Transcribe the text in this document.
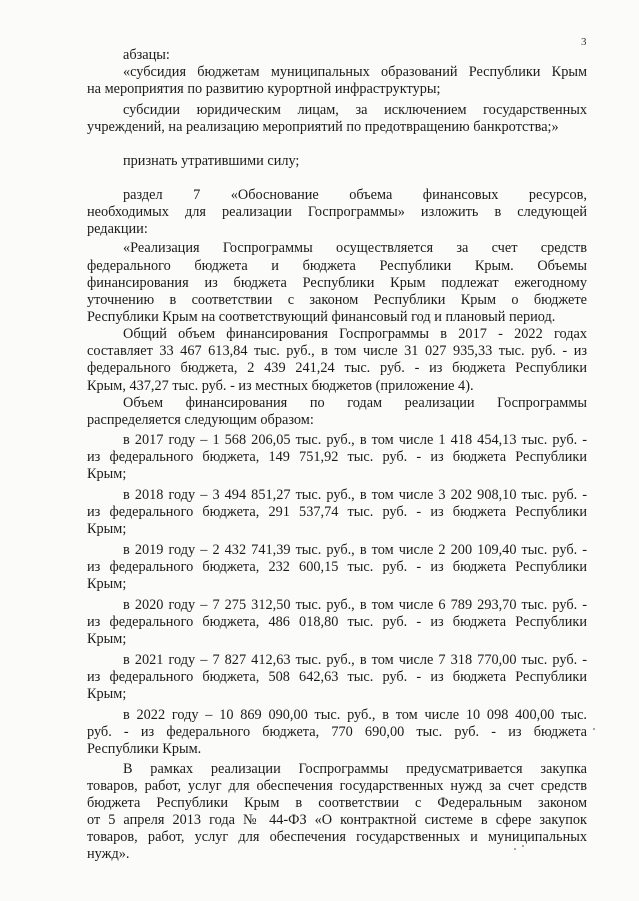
3
абзацы:
«субсидия бюджетам муниципальных образований Республики Крым
на мероприятия по развитию курортной инфраструктуры;
субсидии юридическим лицам, за исключением государственных
учреждений, на реализацию мероприятий по предотвращению банкротства;»
признать утратившими силу;
раздел 7 «Обоснование объема финансовых ресурсов,
необходимых для реализации Госпрограммы» изложить в следующей
редакции:
«Реализация Госпрограммы осуществляется за счет средств
федерального бюджета и бюджета Республики Крым. Объемы
финансирования из бюджета Республики Крым подлежат ежегодному
уточнению в соответствии с законом Республики Крым о бюджете
Республики Крым на соответствующий финансовый год и плановый период.
Общий объем финансирования Госпрограммы в 2017 - 2022 годах
составляет 33 467 613,84 тыс. руб., в том числе 31 027 935,33 тыс. руб. - из
федерального бюджета, 2 439 241,24 тыс. руб. - из бюджета Республики
Крым, 437,27 тыс. руб. - из местных бюджетов (приложение 4).
Объем финансирования по годам реализации Госпрограммы
распределяется следующим образом:
в 2017 году – 1 568 206,05 тыс. руб., в том числе 1 418 454,13 тыс. руб. -
из федерального бюджета, 149 751,92 тыс. руб. - из бюджета Республики
Крым;
в 2018 году – 3 494 851,27 тыс. руб., в том числе 3 202 908,10 тыс. руб. -
из федерального бюджета, 291 537,74 тыс. руб. - из бюджета Республики
Крым;
в 2019 году – 2 432 741,39 тыс. руб., в том числе 2 200 109,40 тыс. руб. -
из федерального бюджета, 232 600,15 тыс. руб. - из бюджета Республики
Крым;
в 2020 году – 7 275 312,50 тыс. руб., в том числе 6 789 293,70 тыс. руб. -
из федерального бюджета, 486 018,80 тыс. руб. - из бюджета Республики
Крым;
в 2021 году – 7 827 412,63 тыс. руб., в том числе 7 318 770,00 тыс. руб. -
из федерального бюджета, 508 642,63 тыс. руб. - из бюджета Республики
Крым;
в 2022 году – 10 869 090,00 тыс. руб., в том числе 10 098 400,00 тыс.
руб. - из федерального бюджета, 770 690,00 тыс. руб. - из бюджета
Республики Крым.
В рамках реализации Госпрограммы предусматривается закупка
товаров, работ, услуг для обеспечения государственных нужд за счет средств
бюджета Республики Крым в соответствии с Федеральным законом
от 5 апреля 2013 года № 44-ФЗ «О контрактной системе в сфере закупок
товаров, работ, услуг для обеспечения государственных и муниципальных
нужд».
